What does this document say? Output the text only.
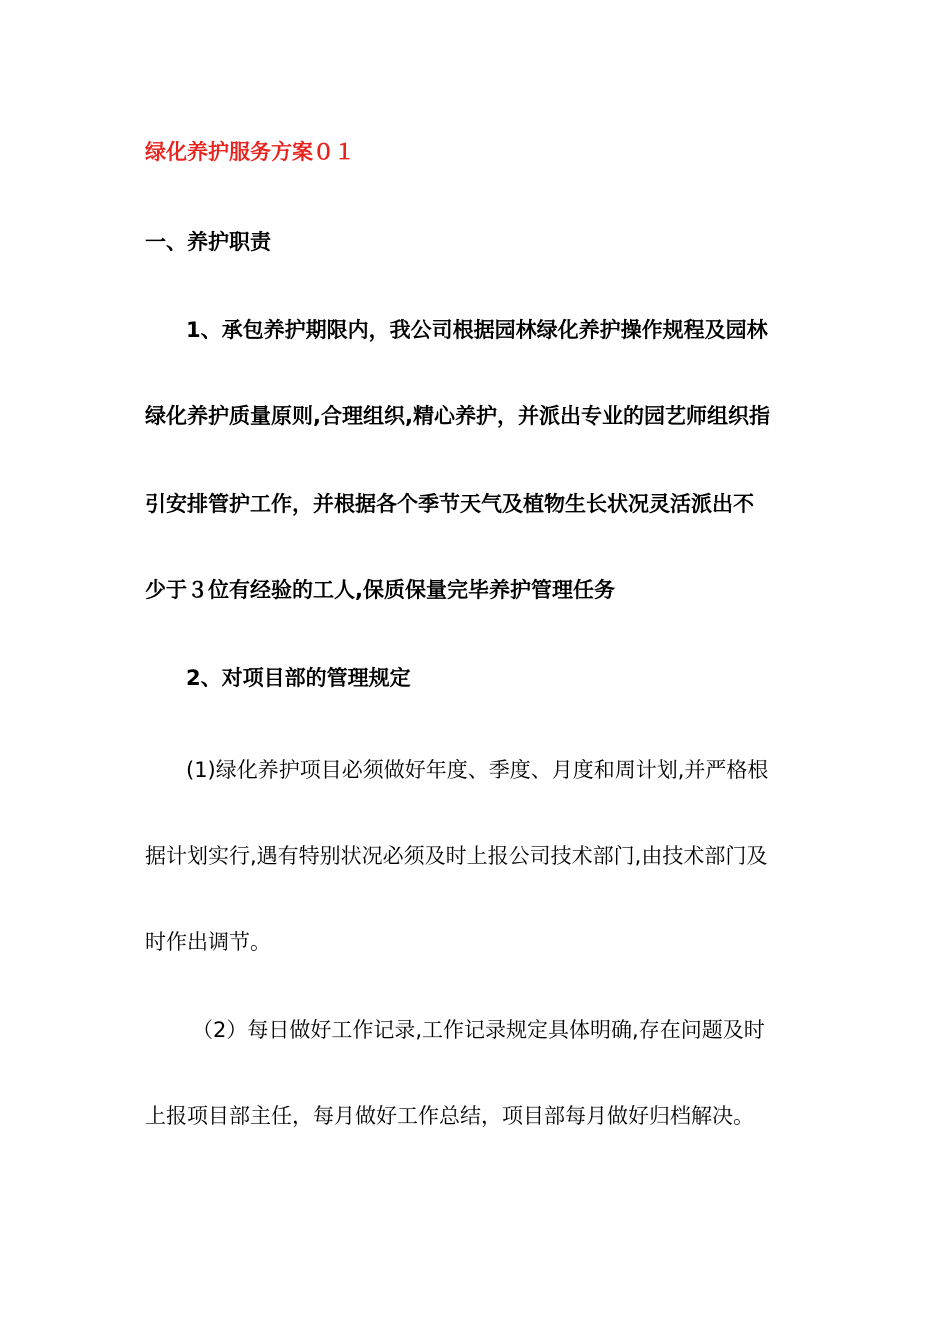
绿化养护服务方案０１
一、养护职责
1、承包养护期限内，我公司根据园林绿化养护操作规程及园林
绿化养护质量原则,合理组织,精心养护，并派出专业的园艺师组织指
引安排管护工作，并根据各个季节天气及植物生长状况灵活派出不
少于３位有经验的工人,保质保量完毕养护管理任务
2、对项目部的管理规定
(1)绿化养护项目必须做好年度、季度、月度和周计划,并严格根
据计划实行,遇有特别状况必须及时上报公司技术部门,由技术部门及
时作出调节。
（2）每日做好工作记录,工作记录规定具体明确,存在问题及时
上报项目部主任，每月做好工作总结，项目部每月做好归档解决。
